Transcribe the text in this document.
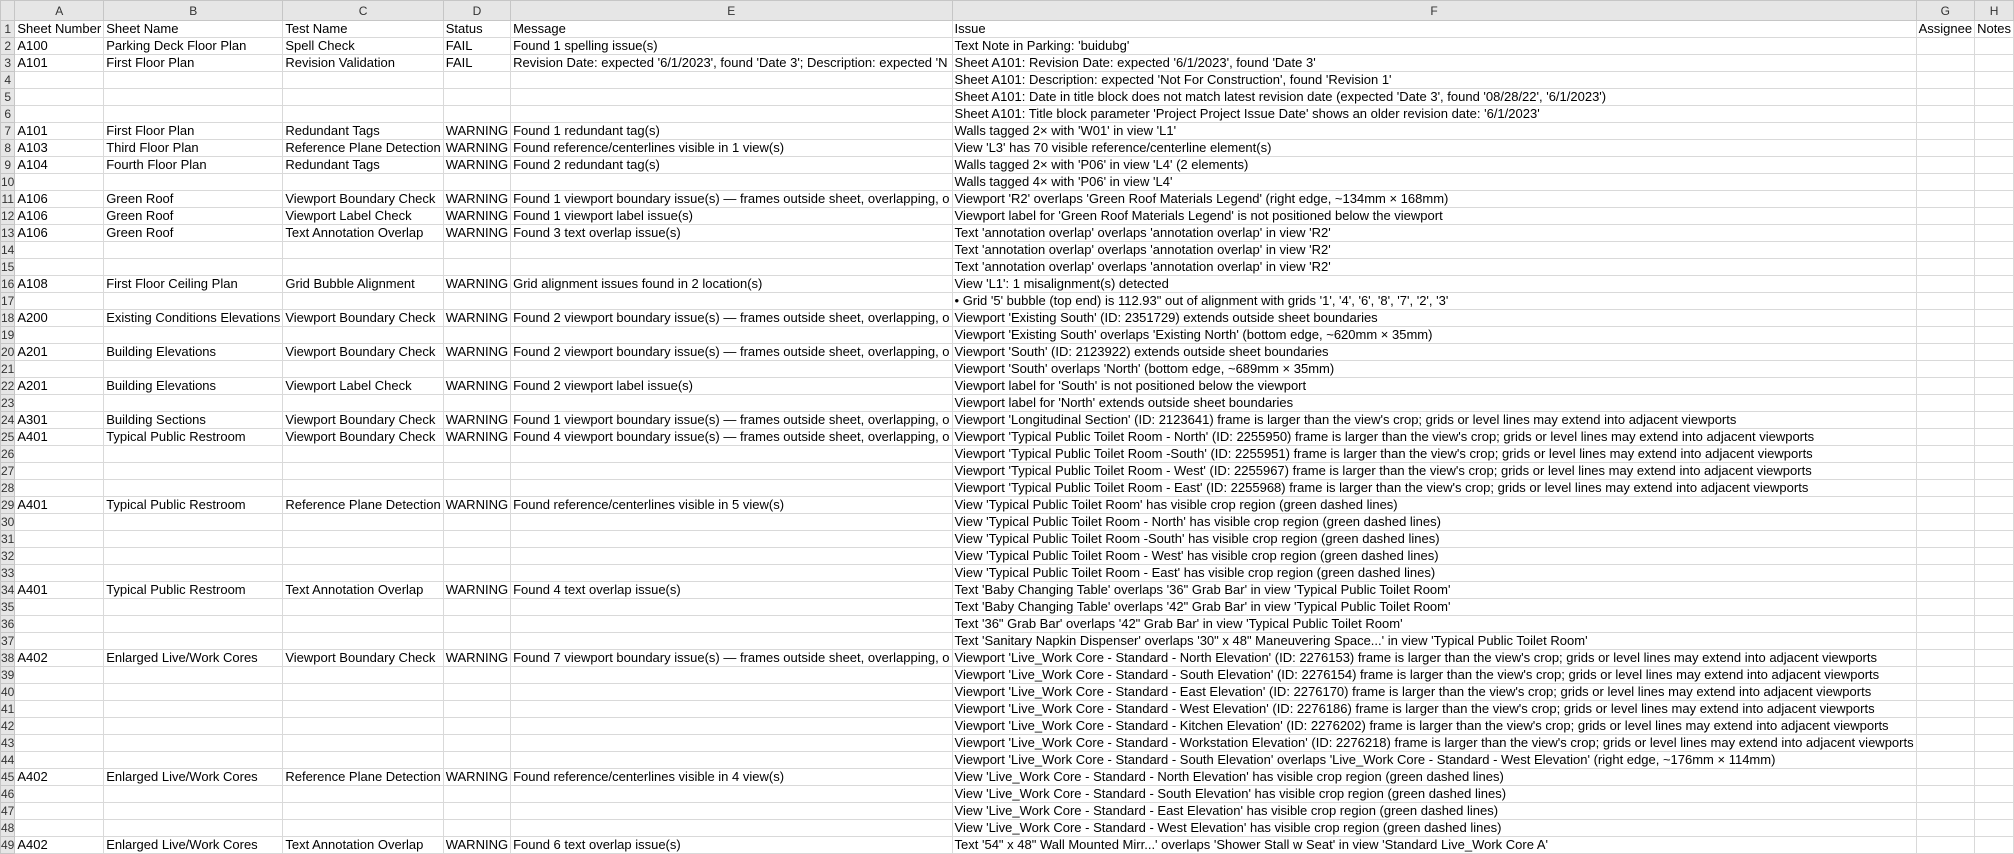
	A	B	C	D	E	F	G	H
1	Sheet Number	Sheet Name	Test Name	Status	Message	Issue	Assignee	Notes
2	A100	Parking Deck Floor Plan	Spell Check	FAIL	Found 1 spelling issue(s)	Text Note in Parking: 'buidubg'		
3	A101	First Floor Plan	Revision Validation	FAIL	Revision Date: expected '6/1/2023', found 'Date 3'; Description: expected 'N	Sheet A101: Revision Date: expected '6/1/2023', found 'Date 3'		
4						Sheet A101: Description: expected 'Not For Construction', found 'Revision 1'		
5						Sheet A101: Date in title block does not match latest revision date (expected 'Date 3', found '08/28/22', '6/1/2023')		
6						Sheet A101: Title block parameter 'Project Project Issue Date' shows an older revision date: '6/1/2023'		
7	A101	First Floor Plan	Redundant Tags	WARNING	Found 1 redundant tag(s)	Walls tagged 2× with 'W01' in view 'L1'		
8	A103	Third Floor Plan	Reference Plane Detection	WARNING	Found reference/centerlines visible in 1 view(s)	View 'L3' has 70 visible reference/centerline element(s)		
9	A104	Fourth Floor Plan	Redundant Tags	WARNING	Found 2 redundant tag(s)	Walls tagged 2× with 'P06' in view 'L4' (2 elements)		
10						Walls tagged 4× with 'P06' in view 'L4'		
11	A106	Green Roof	Viewport Boundary Check	WARNING	Found 1 viewport boundary issue(s) — frames outside sheet, overlapping, o	Viewport 'R2' overlaps 'Green Roof Materials Legend' (right edge, ~134mm × 168mm)		
12	A106	Green Roof	Viewport Label Check	WARNING	Found 1 viewport label issue(s)	Viewport label for 'Green Roof Materials Legend' is not positioned below the viewport		
13	A106	Green Roof	Text Annotation Overlap	WARNING	Found 3 text overlap issue(s)	Text 'annotation overlap' overlaps 'annotation overlap' in view 'R2'		
14						Text 'annotation overlap' overlaps 'annotation overlap' in view 'R2'		
15						Text 'annotation overlap' overlaps 'annotation overlap' in view 'R2'		
16	A108	First Floor Ceiling Plan	Grid Bubble Alignment	WARNING	Grid alignment issues found in 2 location(s)	View 'L1': 1 misalignment(s) detected		
17						• Grid '5' bubble (top end) is 112.93" out of alignment with grids '1', '4', '6', '8', '7', '2', '3'		
18	A200	Existing Conditions Elevations	Viewport Boundary Check	WARNING	Found 2 viewport boundary issue(s) — frames outside sheet, overlapping, o	Viewport 'Existing South' (ID: 2351729) extends outside sheet boundaries		
19						Viewport 'Existing South' overlaps 'Existing North' (bottom edge, ~620mm × 35mm)		
20	A201	Building Elevations	Viewport Boundary Check	WARNING	Found 2 viewport boundary issue(s) — frames outside sheet, overlapping, o	Viewport 'South' (ID: 2123922) extends outside sheet boundaries		
21						Viewport 'South' overlaps 'North' (bottom edge, ~689mm × 35mm)		
22	A201	Building Elevations	Viewport Label Check	WARNING	Found 2 viewport label issue(s)	Viewport label for 'South' is not positioned below the viewport		
23						Viewport label for 'North' extends outside sheet boundaries		
24	A301	Building Sections	Viewport Boundary Check	WARNING	Found 1 viewport boundary issue(s) — frames outside sheet, overlapping, o	Viewport 'Longitudinal Section' (ID: 2123641) frame is larger than the view's crop; grids or level lines may extend into adjacent viewports		
25	A401	Typical Public Restroom	Viewport Boundary Check	WARNING	Found 4 viewport boundary issue(s) — frames outside sheet, overlapping, o	Viewport 'Typical Public Toilet Room - North' (ID: 2255950) frame is larger than the view's crop; grids or level lines may extend into adjacent viewports		
26						Viewport 'Typical Public Toilet Room -South' (ID: 2255951) frame is larger than the view's crop; grids or level lines may extend into adjacent viewports		
27						Viewport 'Typical Public Toilet Room - West' (ID: 2255967) frame is larger than the view's crop; grids or level lines may extend into adjacent viewports		
28						Viewport 'Typical Public Toilet Room - East' (ID: 2255968) frame is larger than the view's crop; grids or level lines may extend into adjacent viewports		
29	A401	Typical Public Restroom	Reference Plane Detection	WARNING	Found reference/centerlines visible in 5 view(s)	View 'Typical Public Toilet Room' has visible crop region (green dashed lines)		
30						View 'Typical Public Toilet Room - North' has visible crop region (green dashed lines)		
31						View 'Typical Public Toilet Room -South' has visible crop region (green dashed lines)		
32						View 'Typical Public Toilet Room - West' has visible crop region (green dashed lines)		
33						View 'Typical Public Toilet Room - East' has visible crop region (green dashed lines)		
34	A401	Typical Public Restroom	Text Annotation Overlap	WARNING	Found 4 text overlap issue(s)	Text 'Baby Changing Table' overlaps '36" Grab Bar' in view 'Typical Public Toilet Room'		
35						Text 'Baby Changing Table' overlaps '42" Grab Bar' in view 'Typical Public Toilet Room'		
36						Text '36" Grab Bar' overlaps '42" Grab Bar' in view 'Typical Public Toilet Room'		
37						Text 'Sanitary Napkin Dispenser' overlaps '30" x 48" Maneuvering Space...' in view 'Typical Public Toilet Room'		
38	A402	Enlarged Live/Work Cores	Viewport Boundary Check	WARNING	Found 7 viewport boundary issue(s) — frames outside sheet, overlapping, o	Viewport 'Live_Work Core - Standard - North Elevation' (ID: 2276153) frame is larger than the view's crop; grids or level lines may extend into adjacent viewports		
39						Viewport 'Live_Work Core - Standard - South Elevation' (ID: 2276154) frame is larger than the view's crop; grids or level lines may extend into adjacent viewports		
40						Viewport 'Live_Work Core - Standard - East Elevation' (ID: 2276170) frame is larger than the view's crop; grids or level lines may extend into adjacent viewports		
41						Viewport 'Live_Work Core - Standard - West Elevation' (ID: 2276186) frame is larger than the view's crop; grids or level lines may extend into adjacent viewports		
42						Viewport 'Live_Work Core - Standard - Kitchen Elevation' (ID: 2276202) frame is larger than the view's crop; grids or level lines may extend into adjacent viewports		
43						Viewport 'Live_Work Core - Standard - Workstation Elevation' (ID: 2276218) frame is larger than the view's crop; grids or level lines may extend into adjacent viewports		
44						Viewport 'Live_Work Core - Standard - South Elevation' overlaps 'Live_Work Core - Standard - West Elevation' (right edge, ~176mm × 114mm)		
45	A402	Enlarged Live/Work Cores	Reference Plane Detection	WARNING	Found reference/centerlines visible in 4 view(s)	View 'Live_Work Core - Standard - North Elevation' has visible crop region (green dashed lines)		
46						View 'Live_Work Core - Standard - South Elevation' has visible crop region (green dashed lines)		
47						View 'Live_Work Core - Standard - East Elevation' has visible crop region (green dashed lines)		
48						View 'Live_Work Core - Standard - West Elevation' has visible crop region (green dashed lines)		
49	A402	Enlarged Live/Work Cores	Text Annotation Overlap	WARNING	Found 6 text overlap issue(s)	Text '54" x 48" Wall Mounted Mirr...' overlaps 'Shower Stall w Seat' in view 'Standard Live_Work Core A'		
